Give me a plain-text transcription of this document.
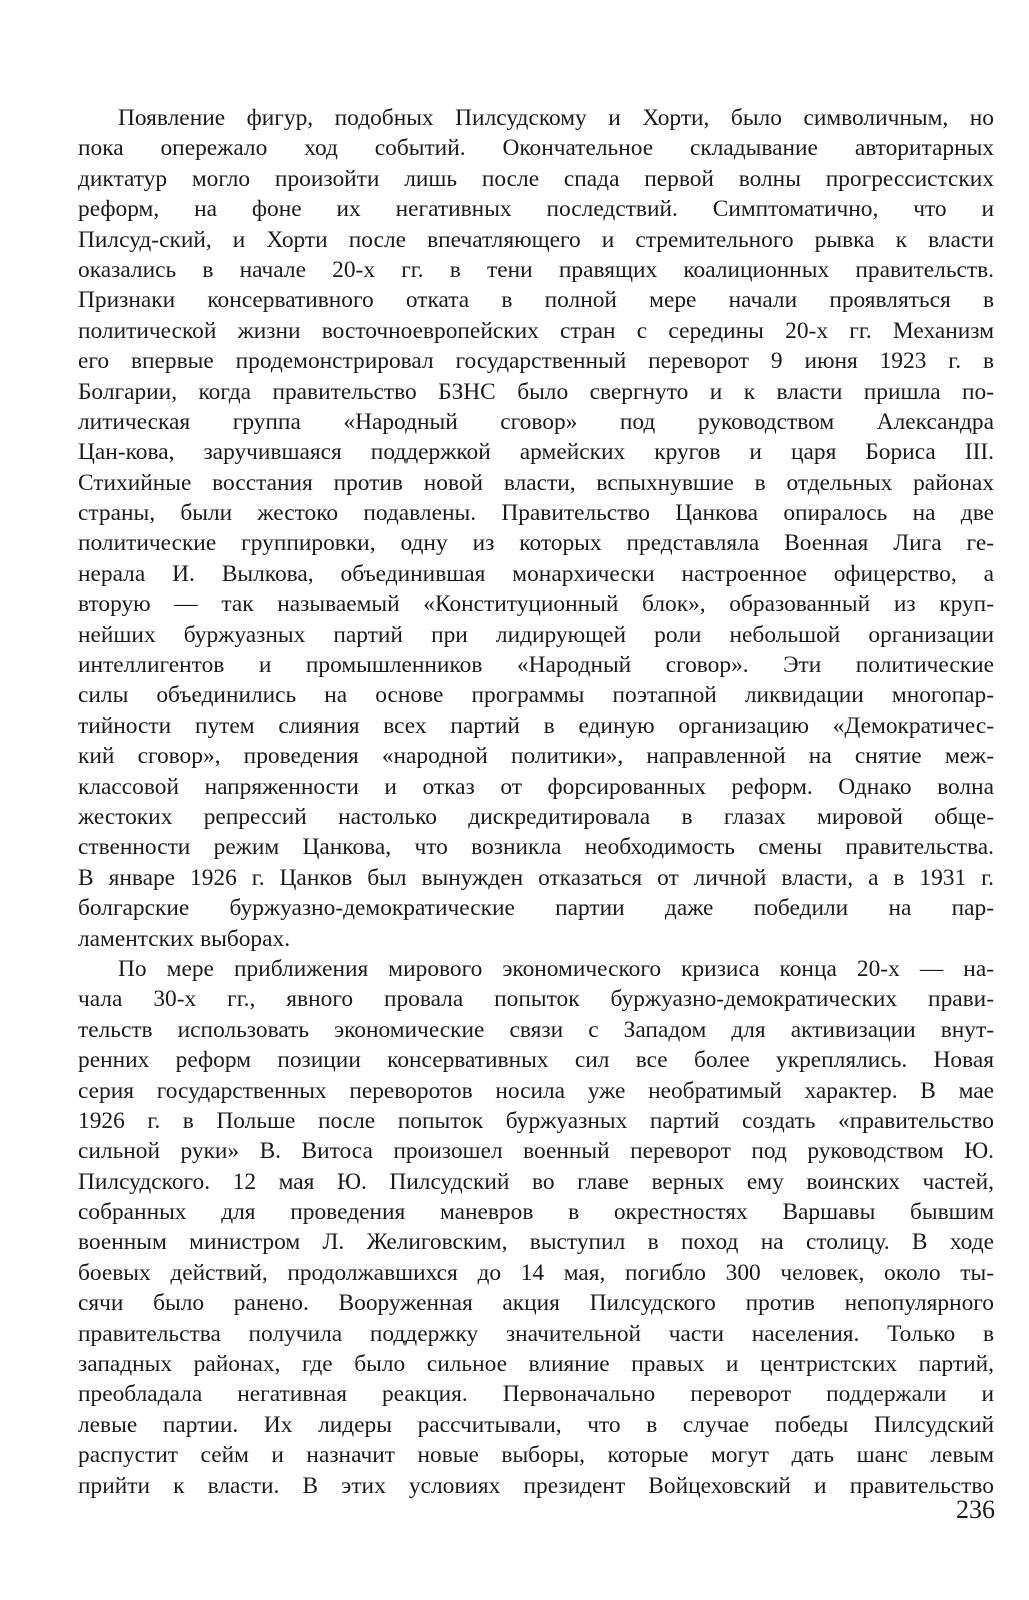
Появление фигур, подобных Пилсудскому и Хорти, было символичным, но
пока опережало ход событий. Окончательное складывание авторитарных
диктатур могло произойти лишь после спада первой волны прогрессистских
реформ, на фоне их негативных последствий. Симптоматично, что и
Пилсуд-ский, и Хорти после впечатляющего и стремительного рывка к власти
оказались в начале 20-х гг. в тени правящих коалиционных правительств.
Признаки консервативного отката в полной мере начали проявляться в
политической жизни восточноевропейских стран с середины 20-х гг. Механизм
его впервые продемонстрировал государственный переворот 9 июня 1923 г. в
Болгарии, когда правительство БЗНС было свергнуто и к власти пришла по-
литическая группа «Народный сговор» под руководством Александра
Цан-кова, заручившаяся поддержкой армейских кругов и царя Бориса III.
Стихийные восстания против новой власти, вспыхнувшие в отдельных районах
страны, были жестоко подавлены. Правительство Цанкова опиралось на две
политические группировки, одну из которых представляла Военная Лига ге-
нерала И. Вылкова, объединившая монархически настроенное офицерство, а
вторую — так называемый «Конституционный блок», образованный из круп-
нейших буржуазных партий при лидирующей роли небольшой организации
интеллигентов и промышленников «Народный сговор». Эти политические
силы объединились на основе программы поэтапной ликвидации многопар-
тийности путем слияния всех партий в единую организацию «Демократичес-
кий сговор», проведения «народной политики», направленной на снятие меж-
классовой напряженности и отказ от форсированных реформ. Однако волна
жестоких репрессий настолько дискредитировала в глазах мировой обще-
ственности режим Цанкова, что возникла необходимость смены правительства.
В январе 1926 г. Цанков был вынужден отказаться от личной власти, а в 1931 г.
болгарские буржуазно-демократические партии даже победили на пар-
ламентских выборах.
По мере приближения мирового экономического кризиса конца 20-х — на-
чала 30-х гг., явного провала попыток буржуазно-демократических прави-
тельств использовать экономические связи с Западом для активизации внут-
ренних реформ позиции консервативных сил все более укреплялись. Новая
серия государственных переворотов носила уже необратимый характер. В мае
1926 г. в Польше после попыток буржуазных партий создать «правительство
сильной руки» В. Витоса произошел военный переворот под руководством Ю.
Пилсудского. 12 мая Ю. Пилсудский во главе верных ему воинских частей,
собранных для проведения маневров в окрестностях Варшавы бывшим
военным министром Л. Желиговским, выступил в поход на столицу. В ходе
боевых действий, продолжавшихся до 14 мая, погибло 300 человек, около ты-
сячи было ранено. Вооруженная акция Пилсудского против непопулярного
правительства получила поддержку значительной части населения. Только в
западных районах, где было сильное влияние правых и центристских партий,
преобладала негативная реакция. Первоначально переворот поддержали и
левые партии. Их лидеры рассчитывали, что в случае победы Пилсудский
распустит сейм и назначит новые выборы, которые могут дать шанс левым
прийти к власти. В этих условиях президент Войцеховский и правительство
236
